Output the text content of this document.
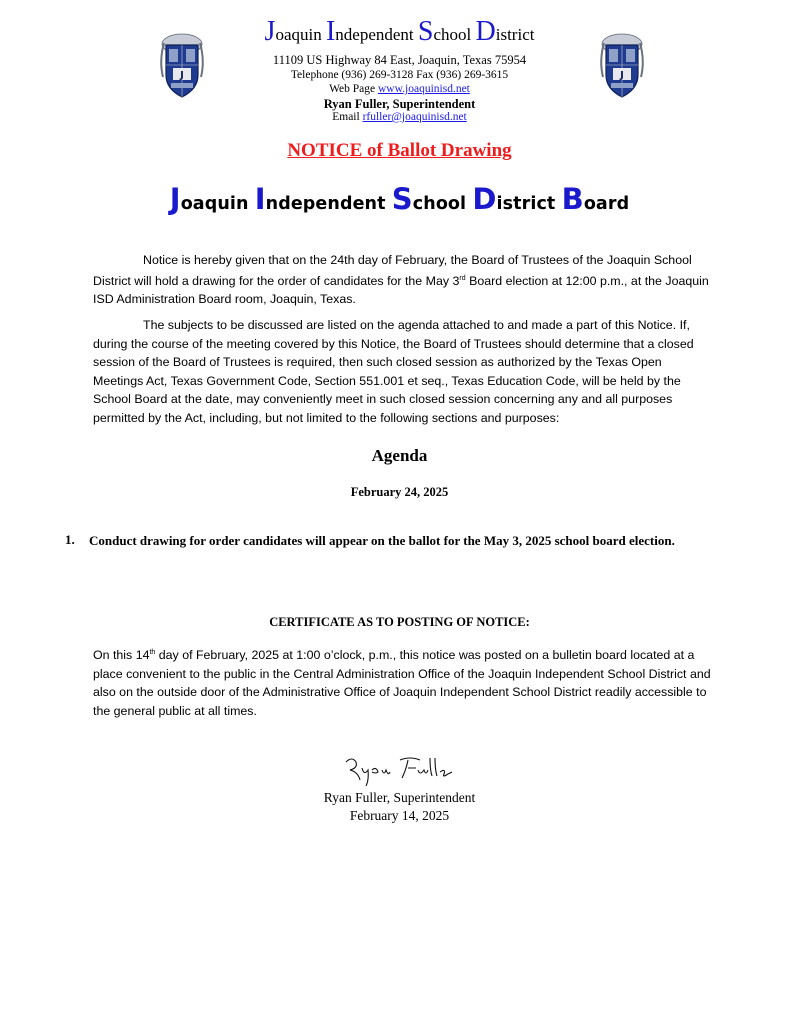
J	J
Joaquin Independent School District
11109 US Highway 84 East, Joaquin, Texas 75954
Telephone (936) 269-3128 Fax (936) 269-3615
Web Page www.joaquinisd.net
Ryan Fuller, Superintendent
Email rfuller@joaquinisd.net
NOTICE of Ballot Drawing
Joaquin Independent School District Board
Notice is hereby given that on the 24th day of February, the Board of Trustees of the Joaquin School District will hold a drawing for the order of candidates for the May 3rd Board election at 12:00 p.m., at the Joaquin ISD Administration Board room, Joaquin, Texas.
The subjects to be discussed are listed on the agenda attached to and made a part of this Notice. If, during the course of the meeting covered by this Notice, the Board of Trustees should determine that a closed session of the Board of Trustees is required, then such closed session as authorized by the Texas Open Meetings Act, Texas Government Code, Section 551.001 et seq., Texas Education Code, will be held by the School Board at the date, may conveniently meet in such closed session concerning any and all purposes permitted by the Act, including, but not limited to the following sections and purposes:
Agenda
February 24, 2025
1. Conduct drawing for order candidates will appear on the ballot for the May 3, 2025 school board election.
CERTIFICATE AS TO POSTING OF NOTICE:
On this 14th day of February, 2025 at 1:00 o’clock, p.m., this notice was posted on a bulletin board located at a place convenient to the public in the Central Administration Office of the Joaquin Independent School District and also on the outside door of the Administrative Office of Joaquin Independent School District readily accessible to the general public at all times.
Ryan Fuller, Superintendent
February 14, 2025
